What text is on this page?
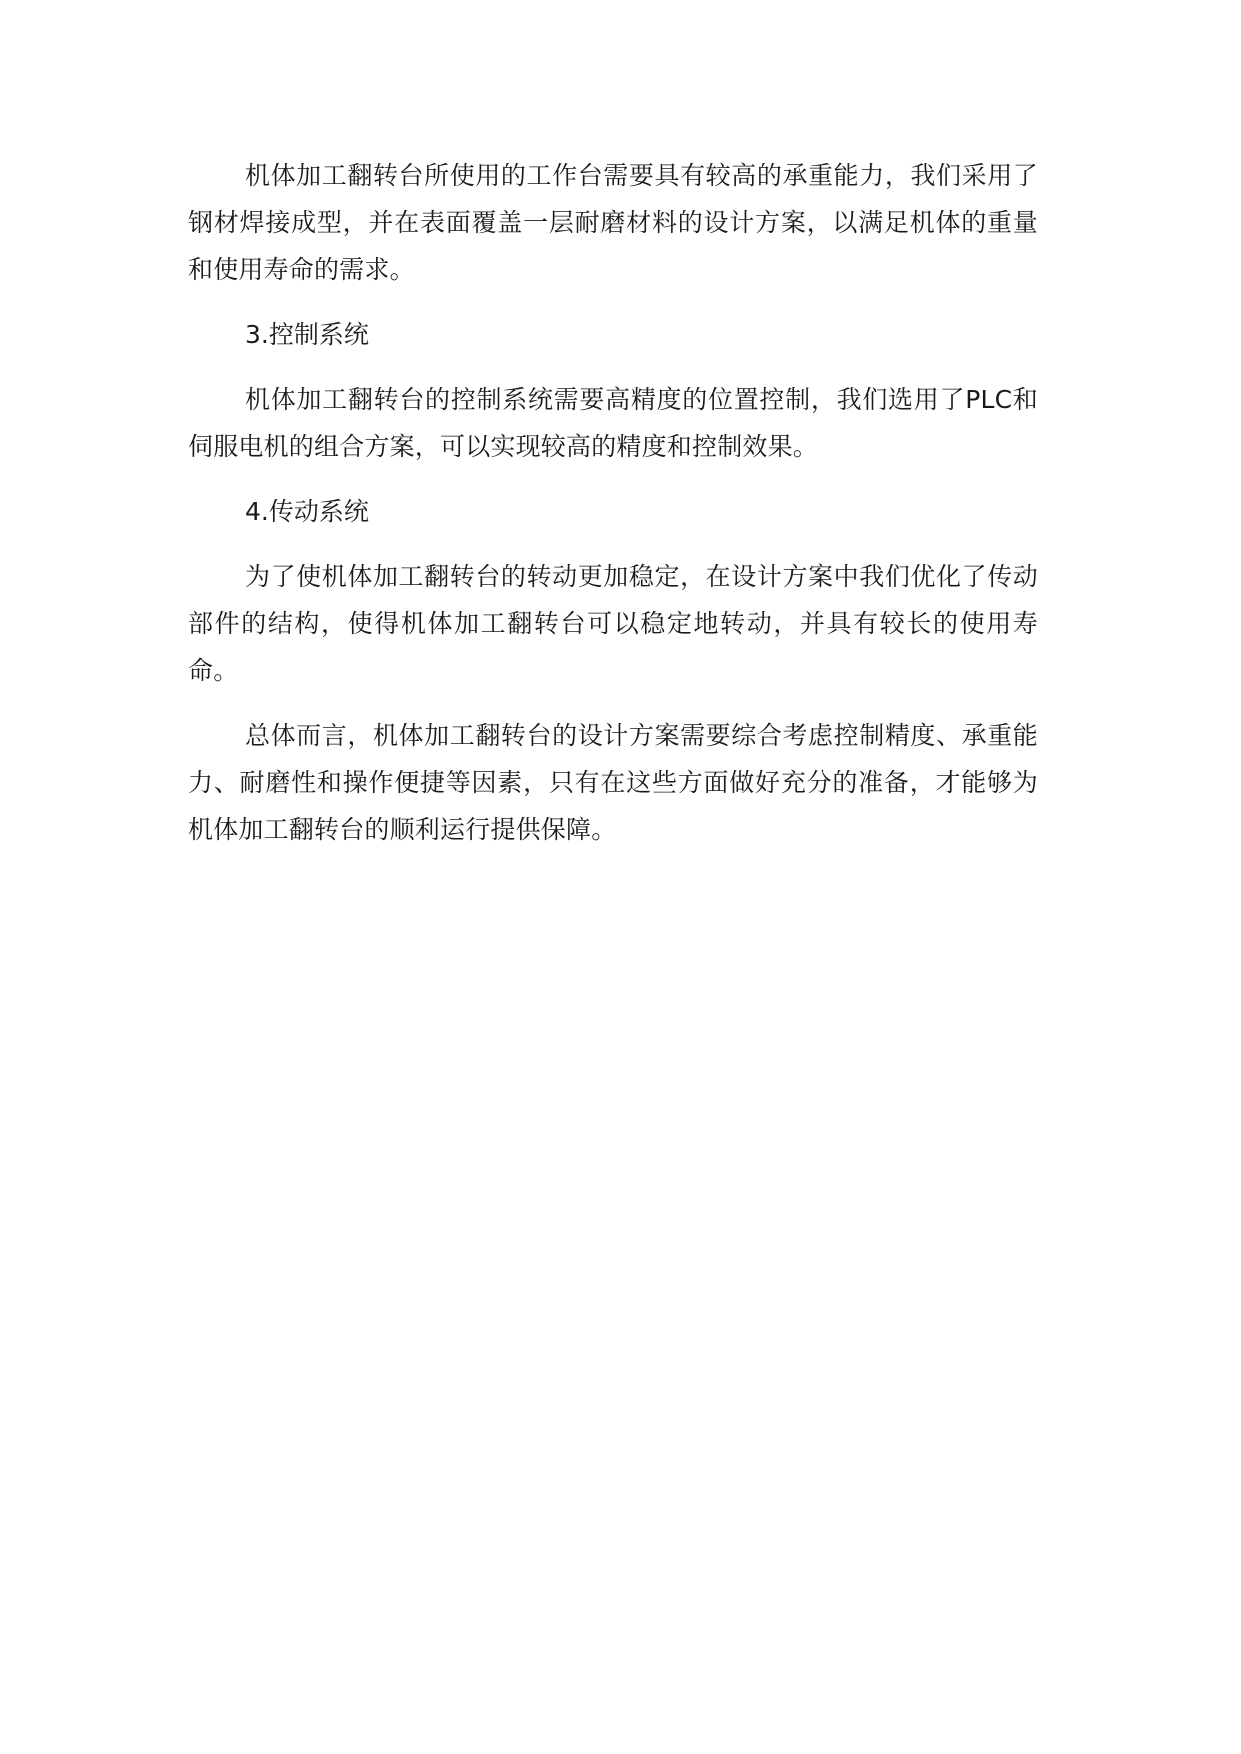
机体加工翻转台所使用的工作台需要具有较高的承重能力，我们采用了钢材焊接成型，并在表面覆盖一层耐磨材料的设计方案，以满足机体的重量和使用寿命的需求。

3.控制系统

机体加工翻转台的控制系统需要高精度的位置控制，我们选用了PLC和伺服电机的组合方案，可以实现较高的精度和控制效果。

4.传动系统

为了使机体加工翻转台的转动更加稳定，在设计方案中我们优化了传动部件的结构，使得机体加工翻转台可以稳定地转动，并具有较长的使用寿命。

总体而言，机体加工翻转台的设计方案需要综合考虑控制精度、承重能力、耐磨性和操作便捷等因素，只有在这些方面做好充分的准备，才能够为机体加工翻转台的顺利运行提供保障。
